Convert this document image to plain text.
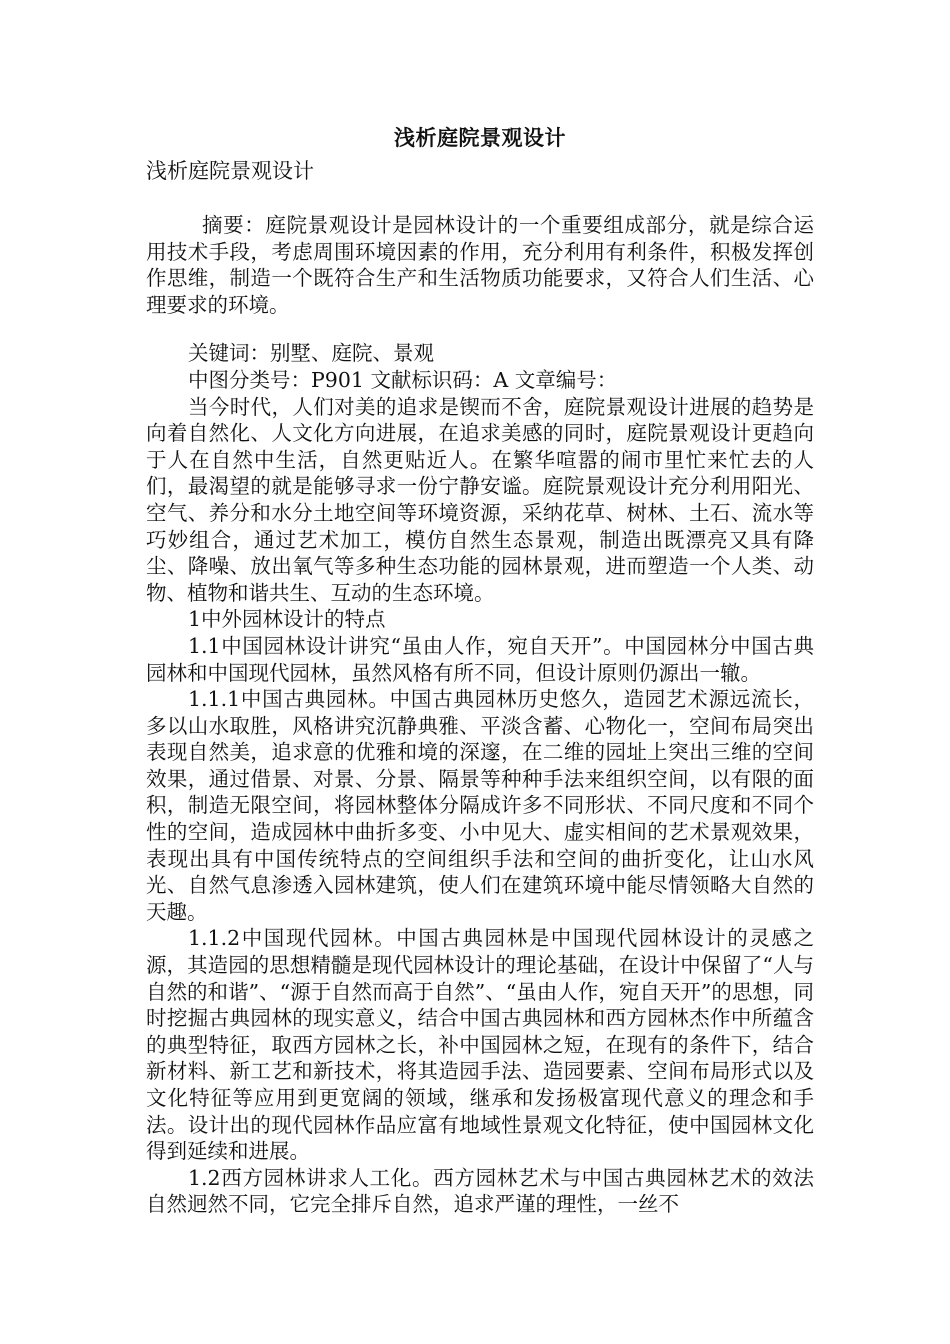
浅析庭院景观设计
浅析庭院景观设计

摘要：庭院景观设计是园林设计的一个重要组成部分，就是综合运用技术手段，考虑周围环境因素的作用，充分利用有利条件，积极发挥创作思维，制造一个既符合生产和生活物质功能要求，又符合人们生活、心理要求的环境。

关键词：别墅、庭院、景观

中图分类号：P901 文献标识码：A 文章编号：

当今时代，人们对美的追求是锲而不舍，庭院景观设计进展的趋势是向着自然化、人文化方向进展，在追求美感的同时，庭院景观设计更趋向于人在自然中生活，自然更贴近人。在繁华喧嚣的闹市里忙来忙去的人们，最渴望的就是能够寻求一份宁静安谧。庭院景观设计充分利用阳光、空气、养分和水分土地空间等环境资源，采纳花草、树林、土石、流水等巧妙组合，通过艺术加工，模仿自然生态景观，制造出既漂亮又具有降尘、降噪、放出氧气等多种生态功能的园林景观，进而塑造一个人类、动物、植物和谐共生、互动的生态环境。

1中外园林设计的特点

1.1中国园林设计讲究“虽由人作，宛自天开”。中国园林分中国古典园林和中国现代园林，虽然风格有所不同，但设计原则仍源出一辙。

1.1.1中国古典园林。中国古典园林历史悠久，造园艺术源远流长，多以山水取胜，风格讲究沉静典雅、平淡含蓄、心物化一，空间布局突出表现自然美，追求意的优雅和境的深邃，在二维的园址上突出三维的空间效果，通过借景、对景、分景、隔景等种种手法来组织空间，以有限的面积，制造无限空间，将园林整体分隔成许多不同形状、不同尺度和不同个性的空间，造成园林中曲折多变、小中见大、虚实相间的艺术景观效果，表现出具有中国传统特点的空间组织手法和空间的曲折变化，让山水风光、自然气息渗透入园林建筑，使人们在建筑环境中能尽情领略大自然的天趣。

1.1.2中国现代园林。中国古典园林是中国现代园林设计的灵感之源，其造园的思想精髓是现代园林设计的理论基础，在设计中保留了“人与自然的和谐”、“源于自然而高于自然”、“虽由人作，宛自天开”的思想，同时挖掘古典园林的现实意义，结合中国古典园林和西方园林杰作中所蕴含的典型特征，取西方园林之长，补中国园林之短，在现有的条件下，结合新材料、新工艺和新技术，将其造园手法、造园要素、空间布局形式以及文化特征等应用到更宽阔的领域，继承和发扬极富现代意义的理念和手法。设计出的现代园林作品应富有地域性景观文化特征，使中国园林文化得到延续和进展。

1.2西方园林讲求人工化。西方园林艺术与中国古典园林艺术的效法自然迥然不同，它完全排斥自然，追求严谨的理性，一丝不
